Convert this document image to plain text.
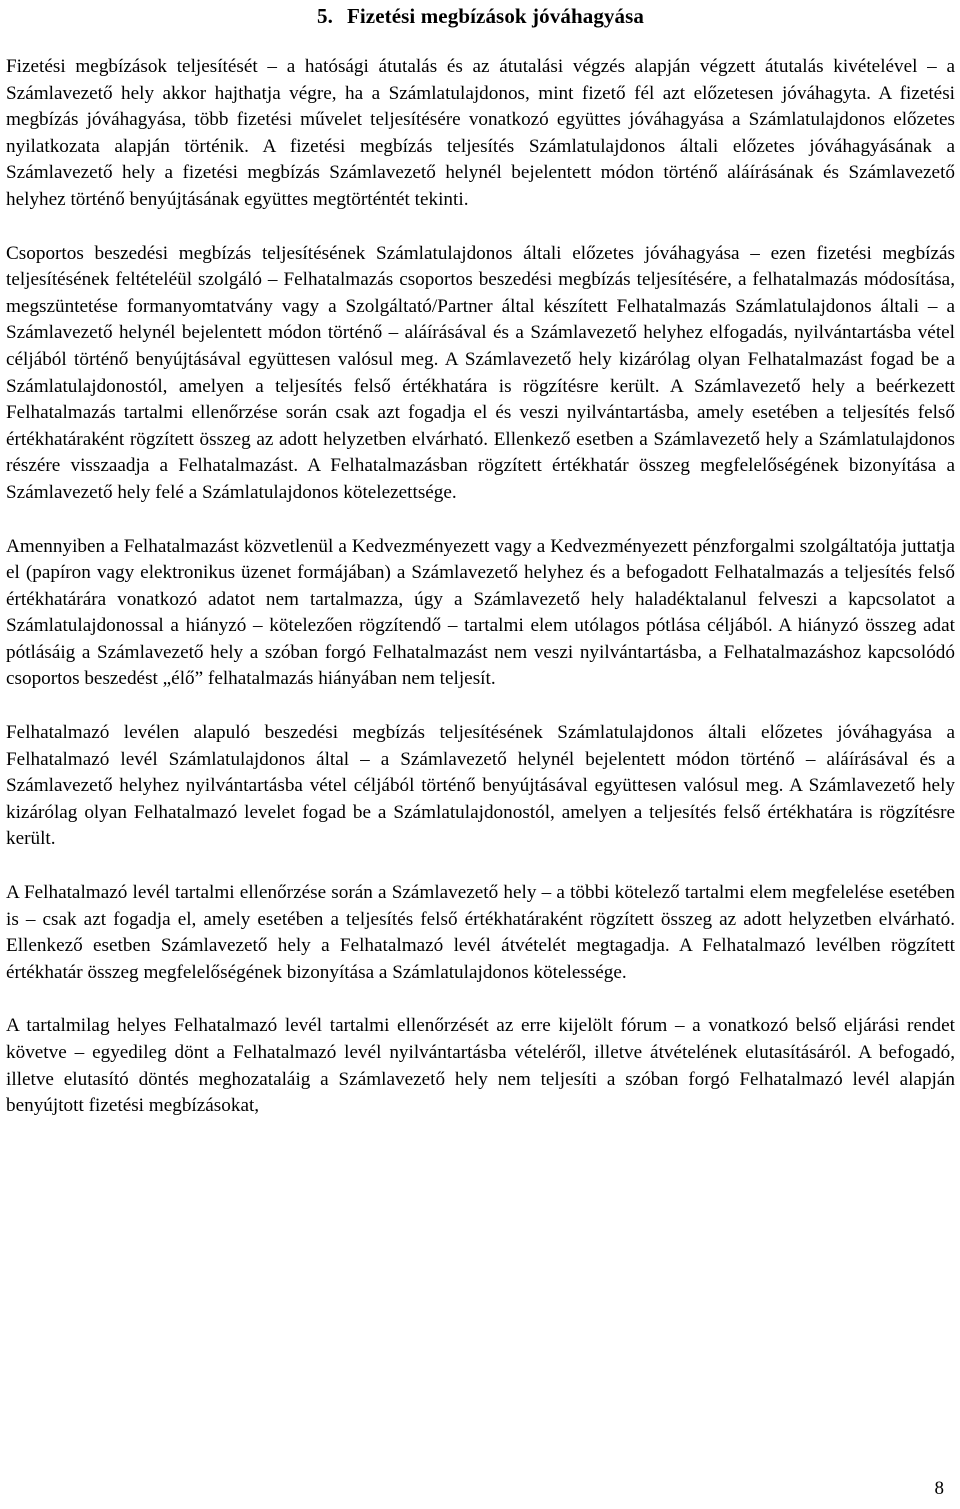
5. Fizetési megbízások jóváhagyása

Fizetési megbízások teljesítését – a hatósági átutalás és az átutalási végzés alapján végzett átutalás kivételével – a Számlavezető hely akkor hajthatja végre, ha a Számlatulajdonos, mint fizető fél azt előzetesen jóváhagyta. A fizetési megbízás jóváhagyása, több fizetési művelet teljesítésére vonatkozó együttes jóváhagyása a Számlatulajdonos előzetes nyilatkozata alapján történik. A fizetési megbízás teljesítés Számlatulajdonos általi előzetes jóváhagyásának a Számlavezető hely a fizetési megbízás Számlavezető helynél bejelentett módon történő aláírásának és Számlavezető helyhez történő benyújtásának együttes megtörténtét tekinti.

Csoportos beszedési megbízás teljesítésének Számlatulajdonos általi előzetes jóváhagyása – ezen fizetési megbízás teljesítésének feltételéül szolgáló – Felhatalmazás csoportos beszedési megbízás teljesítésére, a felhatalmazás módosítása, megszüntetése formanyomtatvány vagy a Szolgáltató/Partner által készített Felhatalmazás Számlatulajdonos általi – a Számlavezető helynél bejelentett módon történő – aláírásával és a Számlavezető helyhez elfogadás, nyilvántartásba vétel céljából történő benyújtásával együttesen valósul meg. A Számlavezető hely kizárólag olyan Felhatalmazást fogad be a Számlatulajdonostól, amelyen a teljesítés felső értékhatára is rögzítésre került. A Számlavezető hely a beérkezett Felhatalmazás tartalmi ellenőrzése során csak azt fogadja el és veszi nyilvántartásba, amely esetében a teljesítés felső értékhatáraként rögzített összeg az adott helyzetben elvárható. Ellenkező esetben a Számlavezető hely a Számlatulajdonos részére visszaadja a Felhatalmazást. A Felhatalmazásban rögzített értékhatár összeg megfelelőségének bizonyítása a Számlavezető hely felé a Számlatulajdonos kötelezettsége.

Amennyiben a Felhatalmazást közvetlenül a Kedvezményezett vagy a Kedvezményezett pénzforgalmi szolgáltatója juttatja el (papíron vagy elektronikus üzenet formájában) a Számlavezető helyhez és a befogadott Felhatalmazás a teljesítés felső értékhatárára vonatkozó adatot nem tartalmazza, úgy a Számlavezető hely haladéktalanul felveszi a kapcsolatot a Számlatulajdonossal a hiányzó – kötelezően rögzítendő – tartalmi elem utólagos pótlása céljából. A hiányzó összeg adat pótlásáig a Számlavezető hely a szóban forgó Felhatalmazást nem veszi nyilvántartásba, a Felhatalmazáshoz kapcsolódó csoportos beszedést „élő” felhatalmazás hiányában nem teljesít.

Felhatalmazó levélen alapuló beszedési megbízás teljesítésének Számlatulajdonos általi előzetes jóváhagyása a Felhatalmazó levél Számlatulajdonos által – a Számlavezető helynél bejelentett módon történő – aláírásával és a Számlavezető helyhez nyilvántartásba vétel céljából történő benyújtásával együttesen valósul meg. A Számlavezető hely kizárólag olyan Felhatalmazó levelet fogad be a Számlatulajdonostól, amelyen a teljesítés felső értékhatára is rögzítésre került.

A Felhatalmazó levél tartalmi ellenőrzése során a Számlavezető hely – a többi kötelező tartalmi elem megfelelése esetében is – csak azt fogadja el, amely esetében a teljesítés felső értékhatáraként rögzített összeg az adott helyzetben elvárható. Ellenkező esetben Számlavezető hely a Felhatalmazó levél átvételét megtagadja. A Felhatalmazó levélben rögzített értékhatár összeg megfelelőségének bizonyítása a Számlatulajdonos kötelessége.

A tartalmilag helyes Felhatalmazó levél tartalmi ellenőrzését az erre kijelölt fórum – a vonatkozó belső eljárási rendet követve – egyedileg dönt a Felhatalmazó levél nyilvántartásba vételéről, illetve átvételének elutasításáról. A befogadó, illetve elutasító döntés meghozataláig a Számlavezető hely nem teljesíti a szóban forgó Felhatalmazó levél alapján benyújtott fizetési megbízásokat,

8
